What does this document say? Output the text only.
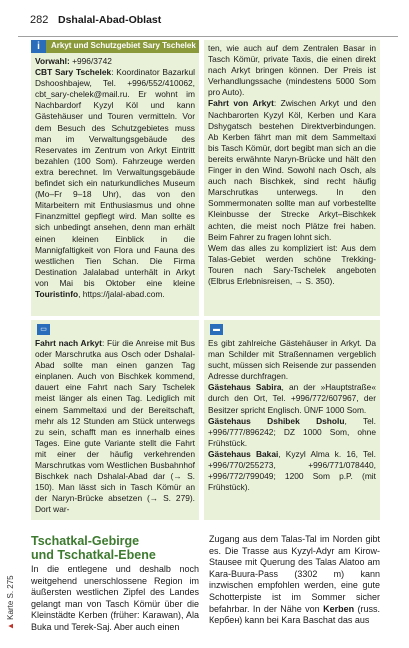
282 Dshalal-Abad-Oblast
Arkyt und Schutzgebiet Sary Tschelek
i
Vorwahl: +996/3742
CBT Sary Tschelek: Koordinator Bazarkul Dshooshbajew, Tel. +996/552/410062, cbt_sary-chelek@mail.ru. Er wohnt im Nachbardorf Kyzyl Köl und kann Gästehäuser und Touren vermitteln. Vor dem Besuch des Schutzgebietes muss man im Verwaltungsgebäude des Reservates im Zentrum von Arkyt Eintritt bezahlen (100 Som). Fahrzeuge werden extra berechnet. Im Verwaltungsgebäude befindet sich ein naturkundliches Museum (Mo–Fr 9–18 Uhr), das von den Mitarbeitern mit Enthusiasmus und ohne Finanzmittel gepflegt wird. Man sollte es sich unbedingt ansehen, denn man erhält einen kleinen Einblick in die Mannigfaltigkeit von Flora und Fauna des westlichen Tien Schan. Die Firma Destination Jalalabad unterhält in Arkyt von Mai bis Oktober eine kleine Touristinfo, https://jalal-abad.com.
ten, wie auch auf dem Zentralen Basar in Tasch Kömür, private Taxis, die einen direkt nach Arkyt bringen können. Der Preis ist Verhandlungssache (mindestens 5000 Som pro Auto).
Fahrt von Arkyt: Zwischen Arkyt und den Nachbarorten Kyzyl Köl, Kerben und Kara Dshygatsch bestehen Direktverbindungen. Ab Kerben fährt man mit dem Sammeltaxi bis Tasch Kömür, dort begibt man sich an die bereits erwähnte Naryn-Brücke und hält den Finger in den Wind. Sowohl nach Osch, als auch nach Bischkek, sind recht häufig Marschrutkas unterwegs. In den Sommermonaten sollte man auf vorbestellte Kleinbusse der Strecke Arkyt–Bischkek achten, die meist noch Plätze frei haben. Beim Fahrer zu fragen lohnt sich.
Wem das alles zu kompliziert ist: Aus dem Talas-Gebiet werden schöne Trekking-Touren nach Sary-Tschelek angeboten (Elbrus Erlebnisreisen, → S. 350).
▭
Fahrt nach Arkyt: Für die Anreise mit Bus oder Marschrutka aus Osch oder Dshalal-Abad sollte man einen ganzen Tag einplanen. Auch von Bischkek kommend, dauert eine Fahrt nach Sary Tschelek meist länger als einen Tag. Lediglich mit einem Sammeltaxi und der Bereitschaft, mehr als 12 Stunden am Stück unterwegs zu sein, schafft man es innerhalb eines Tages. Eine gute Variante stellt die Fahrt mit einer der häufig verkehrenden Marschrutkas vom Westlichen Busbahnhof Bischkek nach Dshalal-Abad dar (→ S. 150). Man lässt sich in Tasch Kömür an der Naryn-Brücke absetzen (→ S. 279). Dort war-
▬
Es gibt zahlreiche Gästehäuser in Arkyt. Da man Schilder mit Straßennamen vergeblich sucht, müssen sich Reisende zur passenden Adresse durchfragen.
Gästehaus Sabira, an der »Hauptstraße« durch den Ort, Tel. +996/772/607967, der Besitzer spricht Englisch. ÜN/F 1000 Som.
Gästehaus Dshibek Dsholu, Tel. +996/777/896242; DZ 1000 Som, ohne Frühstück.
Gästehaus Bakai, Kyzyl Alma k. 16, Tel. +996/770/255273, +996/771/078440, +996/772/799049; 1200 Som p.P. (mit Frühstück).
Tschatkal-Gebirge
und Tschatkal-Ebene
In die entlegene und deshalb noch weitgehend unerschlossene Region im äußersten westlichen Zipfel des Landes gelangt man von Tasch Kömür über die Kleinstädte Kerben (früher: Karawan), Ala Buka und Terek-Saj. Aber auch einen
Zugang aus dem Talas-Tal im Norden gibt es. Die Trasse aus Kyzyl-Adyr am Kirow-Stausee mit Querung des Talas Alatoo am Kara-Buura-Pass (3302 m) kann inzwischen empfohlen werden, eine gute Schotterpiste ist im Sommer sicher befahrbar. In der Nähe von Kerben (russ. Кербен) kann bei Kara Baschat das aus
▲ Karte S. 275
